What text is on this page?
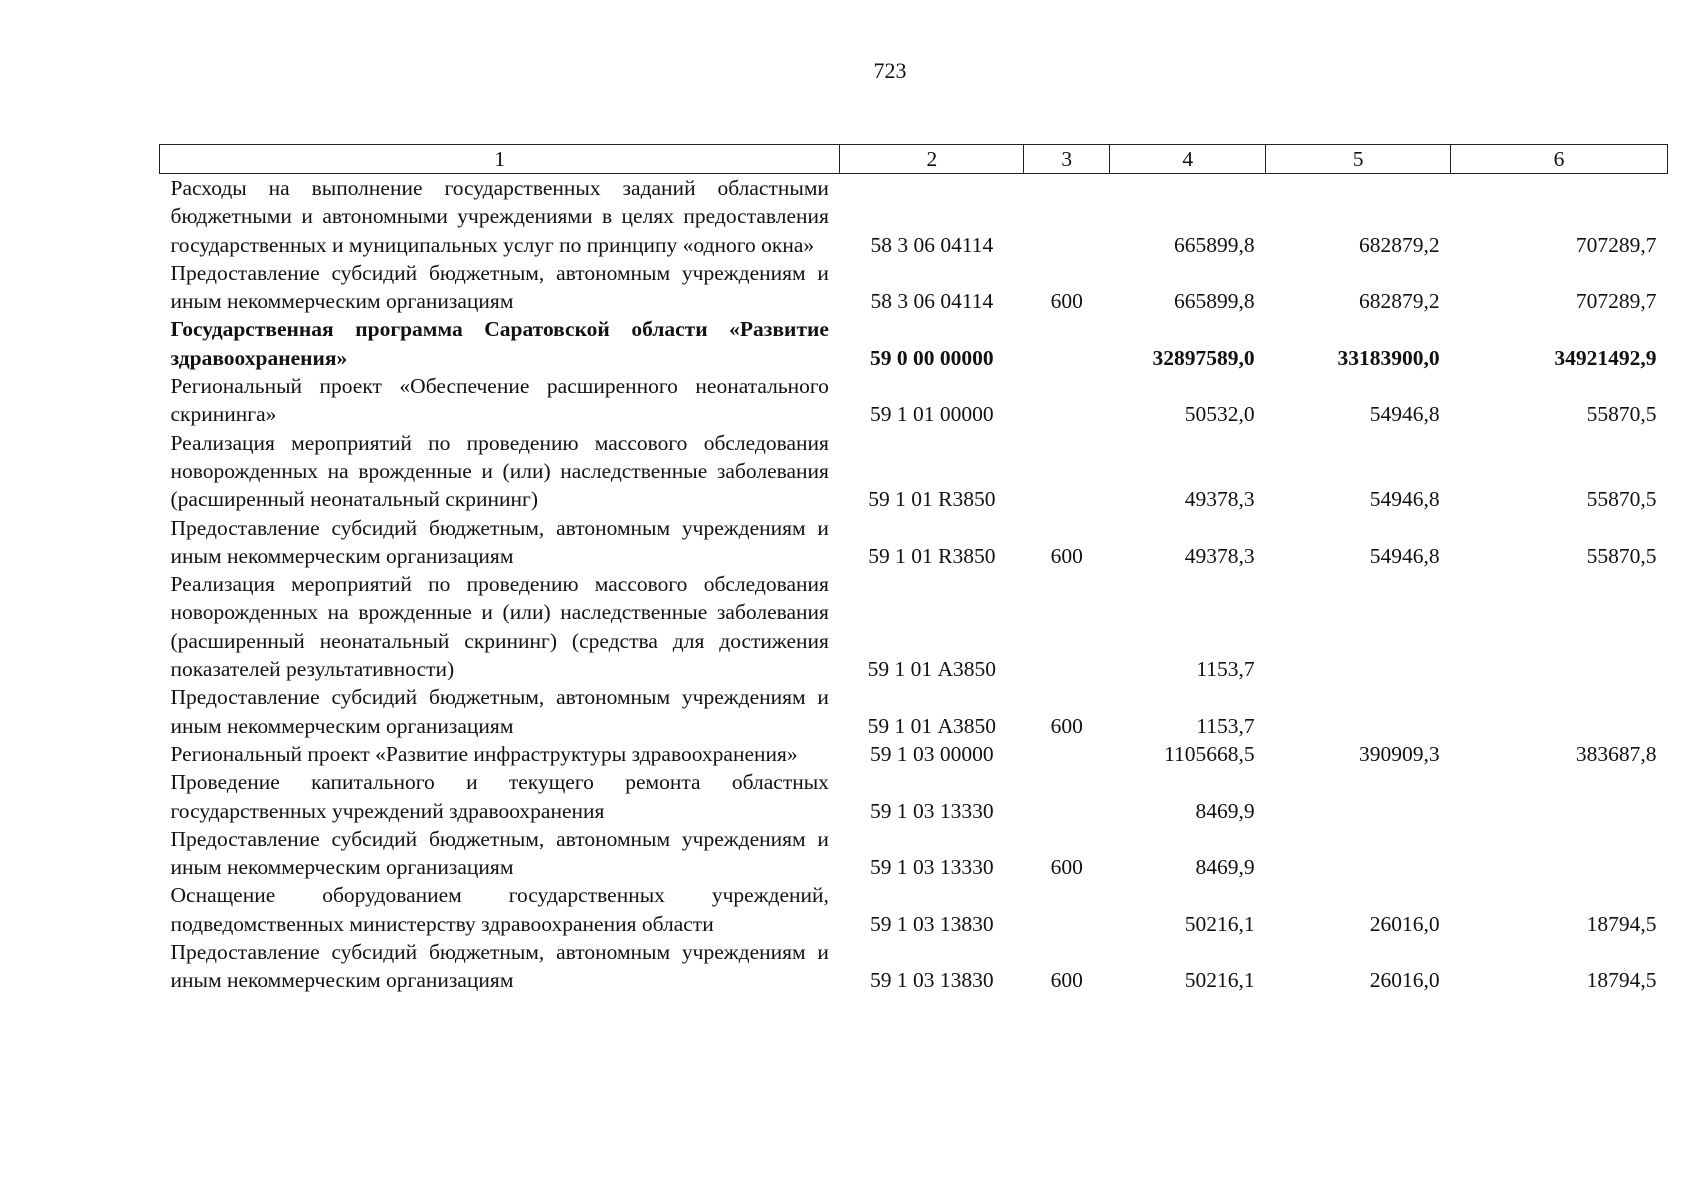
723
1	2	3	4	5	6
Расходы на выполнение государственных заданий областными бюджетными и автономными учреждениями в целях предоставления государственных и муниципальных услуг по принципу «одного окна»	58 3 06 04114		665899,8	682879,2	707289,7
Предоставление субсидий бюджетным, автономным учреждениям и иным некоммерческим организациям	58 3 06 04114	600	665899,8	682879,2	707289,7
Государственная программа Саратовской области «Развитие здравоохранения»	59 0 00 00000		32897589,0	33183900,0	34921492,9
Региональный проект «Обеспечение расширенного неонатального скрининга»	59 1 01 00000		50532,0	54946,8	55870,5
Реализация мероприятий по проведению массового обследования новорожденных на врожденные и (или) наследственные заболевания (расширенный неонатальный скрининг)	59 1 01 R3850		49378,3	54946,8	55870,5
Предоставление субсидий бюджетным, автономным учреждениям и иным некоммерческим организациям	59 1 01 R3850	600	49378,3	54946,8	55870,5
Реализация мероприятий по проведению массового обследования новорожденных на врожденные и (или) наследственные заболевания (расширенный неонатальный скрининг) (средства для достижения показателей результативности)	59 1 01 А3850		1153,7		
Предоставление субсидий бюджетным, автономным учреждениям и иным некоммерческим организациям	59 1 01 А3850	600	1153,7		
Региональный проект «Развитие инфраструктуры здравоохранения»	59 1 03 00000		1105668,5	390909,3	383687,8
Проведение капитального и текущего ремонта областных государственных учреждений здравоохранения	59 1 03 13330		8469,9		
Предоставление субсидий бюджетным, автономным учреждениям и иным некоммерческим организациям	59 1 03 13330	600	8469,9		
Оснащение оборудованием государственных учреждений, подведомственных министерству здравоохранения области	59 1 03 13830		50216,1	26016,0	18794,5
Предоставление субсидий бюджетным, автономным учреждениям и иным некоммерческим организациям	59 1 03 13830	600	50216,1	26016,0	18794,5
